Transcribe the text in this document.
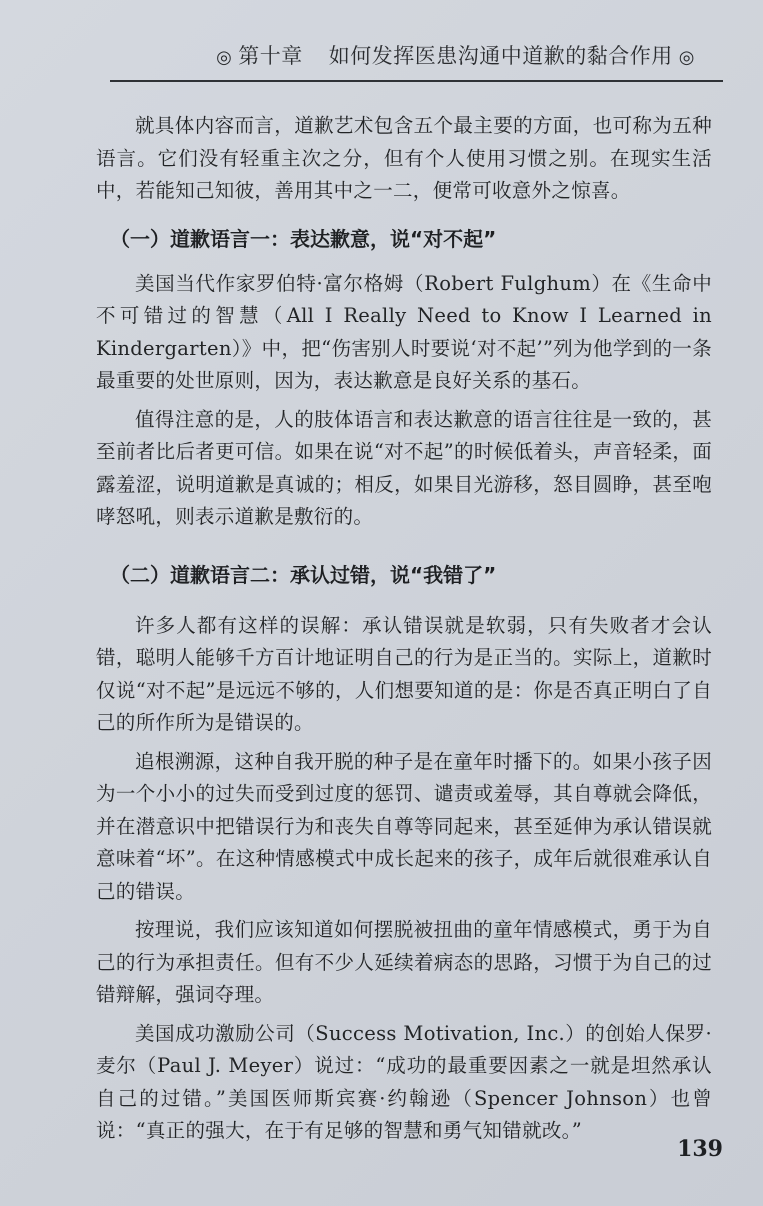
◎ 第十章 如何发挥医患沟通中道歉的黏合作用 ◎

就具体内容而言，道歉艺术包含五个最主要的方面，也可称为五种语言。它们没有轻重主次之分，但有个人使用习惯之别。在现实生活中，若能知己知彼，善用其中之一二，便常可收意外之惊喜。

（一）道歉语言一：表达歉意，说“对不起”

美国当代作家罗伯特·富尔格姆（Robert Fulghum）在《生命中不可错过的智慧（All I Really Need to Know I Learned in Kindergarten）》中，把“伤害别人时要说‘对不起’”列为他学到的一条最重要的处世原则，因为，表达歉意是良好关系的基石。

值得注意的是，人的肢体语言和表达歉意的语言往往是一致的，甚至前者比后者更可信。如果在说“对不起”的时候低着头，声音轻柔，面露羞涩，说明道歉是真诚的；相反，如果目光游移，怒目圆睁，甚至咆哮怒吼，则表示道歉是敷衍的。

（二）道歉语言二：承认过错，说“我错了”

许多人都有这样的误解：承认错误就是软弱，只有失败者才会认错，聪明人能够千方百计地证明自己的行为是正当的。实际上，道歉时仅说“对不起”是远远不够的，人们想要知道的是：你是否真正明白了自己的所作所为是错误的。

追根溯源，这种自我开脱的种子是在童年时播下的。如果小孩子因为一个小小的过失而受到过度的惩罚、谴责或羞辱，其自尊就会降低，并在潜意识中把错误行为和丧失自尊等同起来，甚至延伸为承认错误就意味着“坏”。在这种情感模式中成长起来的孩子，成年后就很难承认自己的错误。

按理说，我们应该知道如何摆脱被扭曲的童年情感模式，勇于为自己的行为承担责任。但有不少人延续着病态的思路，习惯于为自己的过错辩解，强词夺理。

美国成功激励公司（Success Motivation, Inc.）的创始人保罗·麦尔（Paul J. Meyer）说过：“成功的最重要因素之一就是坦然承认自己的过错。”美国医师斯宾赛·约翰逊（Spencer Johnson）也曾说：“真正的强大，在于有足够的智慧和勇气知错就改。”

139
